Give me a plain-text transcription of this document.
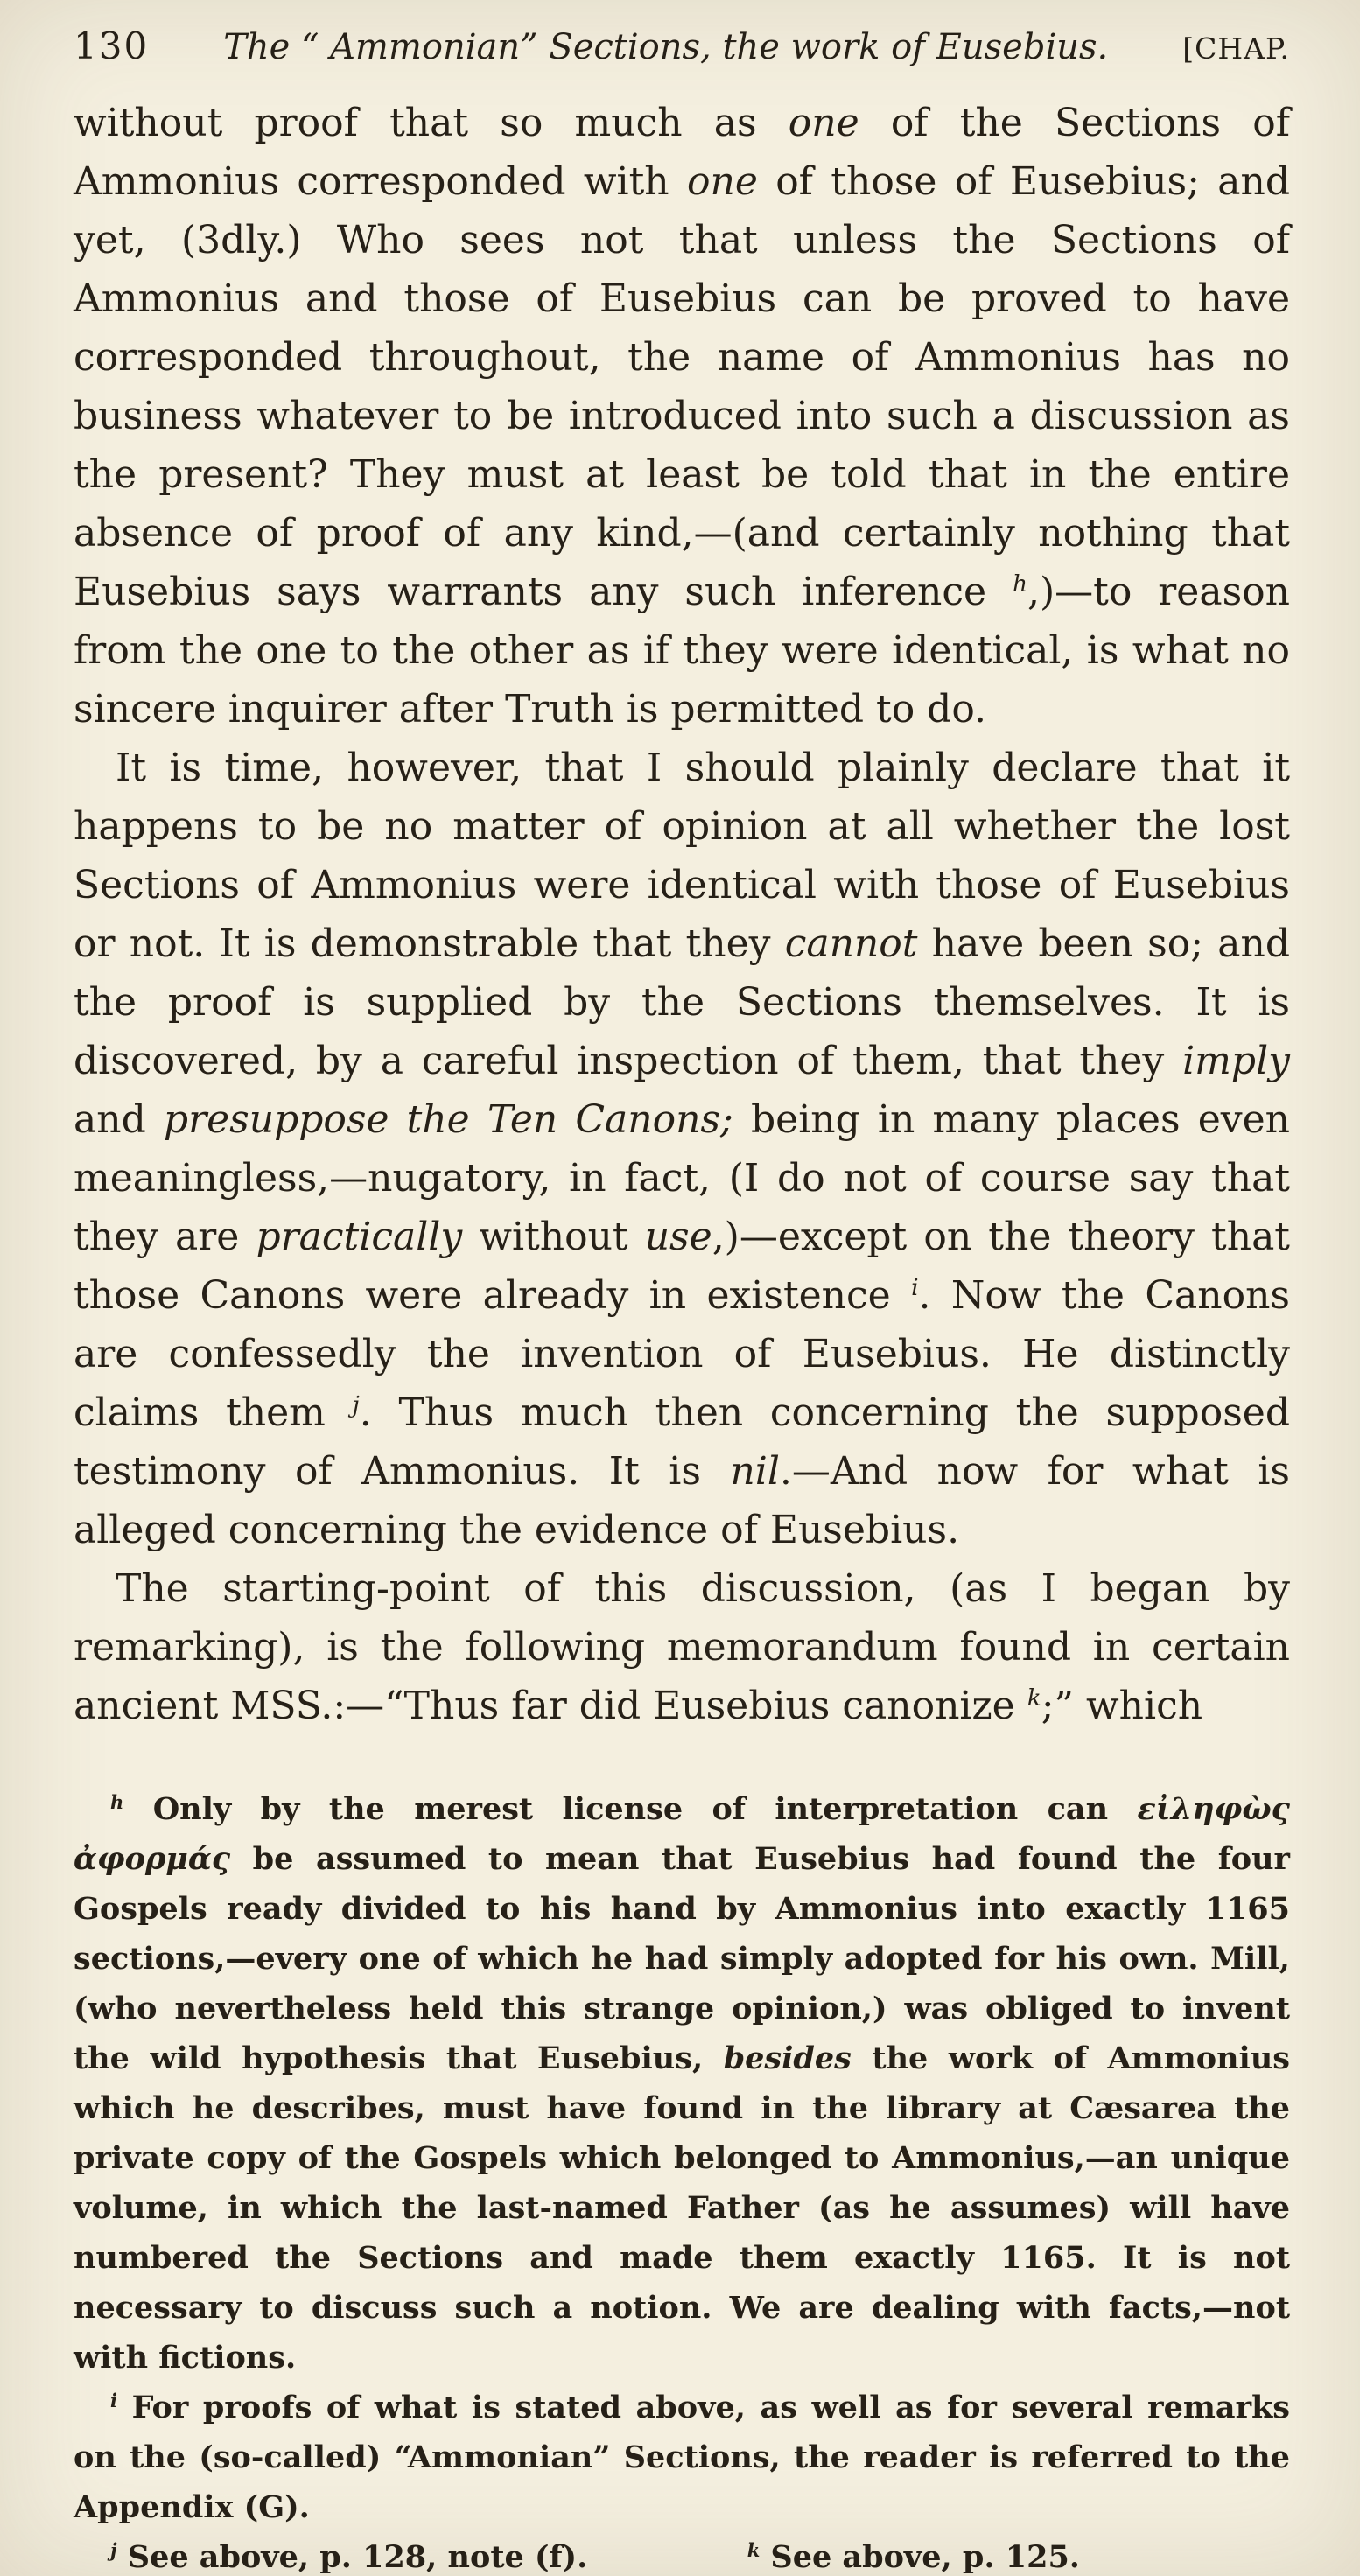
130	The “ Ammonian” Sections, the work of Eusebius.	[CHAP.

without proof that so much as one of the Sections of Ammonius corresponded with one of those of Eusebius; and yet, (3dly.) Who sees not that unless the Sections of Ammonius and those of Eusebius can be proved to have corresponded throughout, the name of Ammonius has no business whatever to be introduced into such a discussion as the present? They must at least be told that in the entire absence of proof of any kind,—(and certainly nothing that Eusebius says warrants any such inference $^h$,)—to reason from the one to the other as if they were identical, is what no sincere inquirer after Truth is permitted to do.

It is time, however, that I should plainly declare that it happens to be no matter of opinion at all whether the lost Sections of Ammonius were identical with those of Eusebius or not. It is demonstrable that they cannot have been so; and the proof is supplied by the Sections themselves. It is discovered, by a careful inspection of them, that they imply and presuppose the Ten Canons; being in many places even meaningless,—nugatory, in fact, (I do not of course say that they are practically without use,)—except on the theory that those Canons were already in existence $^i$. Now the Canons are confessedly the invention of Eusebius. He distinctly claims them $^j$. Thus much then concerning the supposed testimony of Ammonius. It is nil.—And now for what is alleged concerning the evidence of Eusebius.

The starting-point of this discussion, (as I began by remarking), is the following memorandum found in certain ancient MSS.:—“Thus far did Eusebius canonize $^k$;” which

$^h$ Only by the merest license of interpretation can εἰληφὼς ἀφορμάς be assumed to mean that Eusebius had found the four Gospels ready divided to his hand by Ammonius into exactly 1165 sections,—every one of which he had simply adopted for his own. Mill, (who nevertheless held this strange opinion,) was obliged to invent the wild hypothesis that Eusebius, besides the work of Ammonius which he describes, must have found in the library at Cæsarea the private copy of the Gospels which belonged to Ammonius,—an unique volume, in which the last-named Father (as he assumes) will have numbered the Sections and made them exactly 1165. It is not necessary to discuss such a notion. We are dealing with facts,—not with fictions.

$^i$ For proofs of what is stated above, as well as for several remarks on the (so-called) “Ammonian” Sections, the reader is referred to the Appendix (G).

$^j$ See above, p. 128, note (f).	$^k$ See above, p. 125.
